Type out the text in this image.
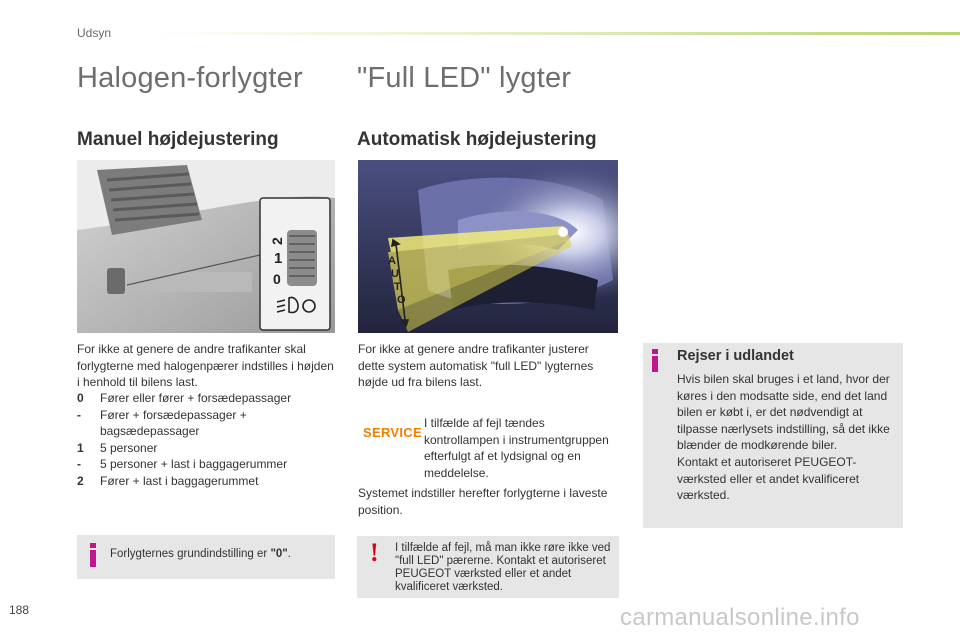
Udsyn
Halogen-forlygter "Full LED" lygter
Manuel højdejustering	Automatisk højdejustering
2
1
0
A
U
T
O
For ikke at genere de andre trafikanter skal forlygterne med halogenpærer indstilles i højden i henhold til bilens last.
0	Fører eller fører + forsædepassager
-	Fører + forsædepassager + bagsædepassager
1	5 personer
-	5 personer + last i baggagerummer
2	Fører + last i baggagerummet
Forlygternes grundindstilling er "0".
For ikke at genere andre trafikanter justerer dette system automatisk "full LED" lygternes højde ud fra bilens last.
SERVICE
I tilfælde af fejl tændes kontrollampen i instrumentgruppen efterfulgt af et lydsignal og en meddelelse.
Systemet indstiller herefter forlygterne i laveste position.
! I tilfælde af fejl, må man ikke røre ikke ved "full LED" pærerne. Kontakt et autoriseret PEUGEOT værksted eller et andet kvalificeret værksted.
Rejser i udlandet
Hvis bilen skal bruges i et land, hvor der køres i den modsatte side, end det land bilen er købt i, er det nødvendigt at tilpasse nærlysets indstilling, så det ikke blænder de modkørende biler.
Kontakt et autoriseret PEUGEOT-værksted eller et andet kvalificeret værksted.
188	carmanualsonline.info
